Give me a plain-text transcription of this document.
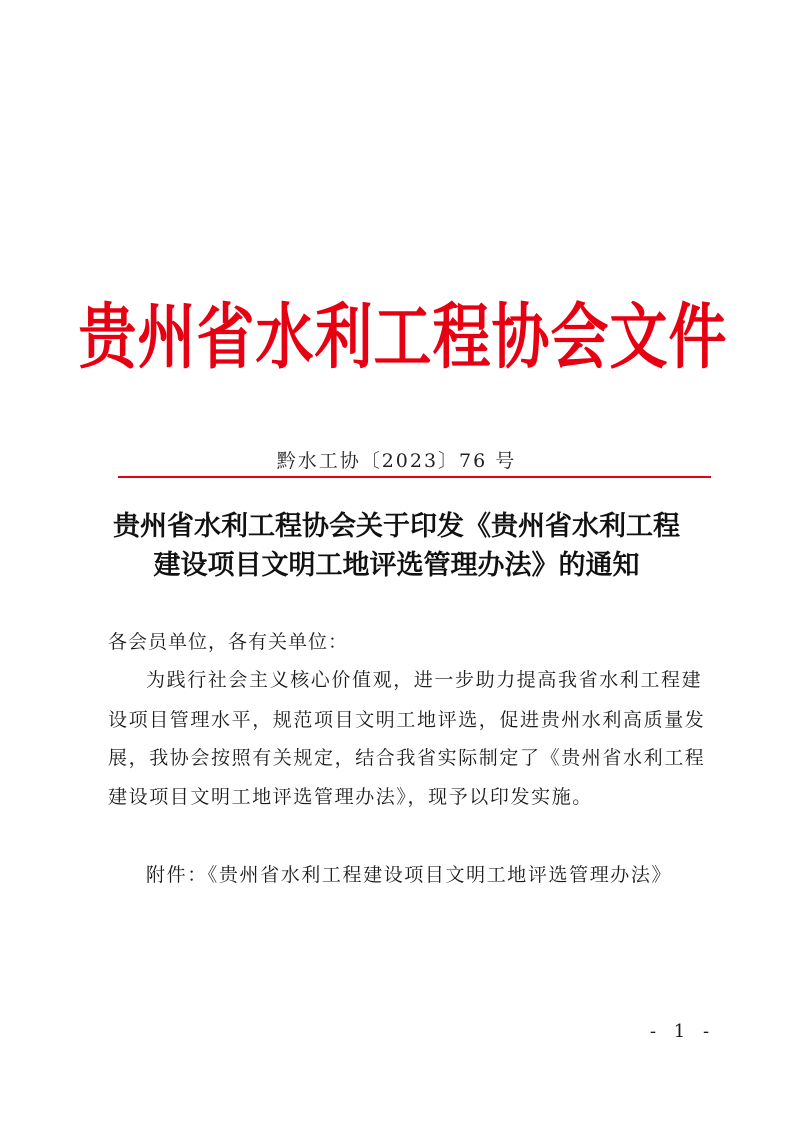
贵州省水利工程协会文件
黔水工协〔2023〕76 号
贵州省水利工程协会关于印发《贵州省水利工程
建设项目文明工地评选管理办法》的通知
各会员单位，各有关单位：
为践行社会主义核心价值观，进一步助力提高我省水利工程建
设项目管理水平，规范项目文明工地评选，促进贵州水利高质量发
展，我协会按照有关规定，结合我省实际制定了《贵州省水利工程
建设项目文明工地评选管理办法》，现予以印发实施。
附件：《贵州省水利工程建设项目文明工地评选管理办法》
- 1 -
